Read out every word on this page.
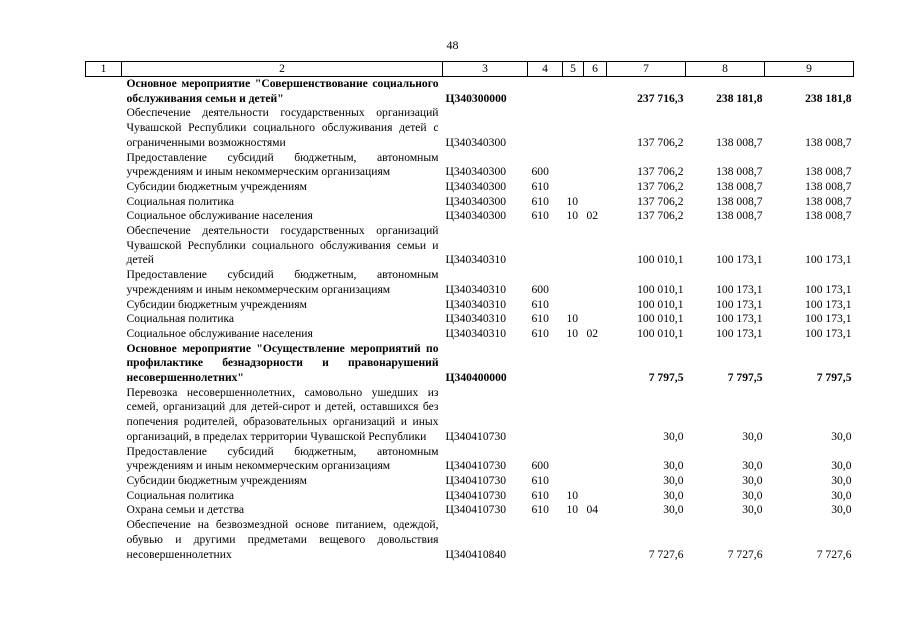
48
1	2	3	4	5	6	7	8	9
	Основное мероприятие "Совершенствование социального обслуживания семьи и детей"	Ц340300000				237 716,3	238 181,8	238 181,8
	Обеспечение деятельности государственных организаций Чувашской Республики социального обслуживания детей с ограниченными возможностями	Ц340340300				137 706,2	138 008,7	138 008,7
	Предоставление субсидий бюджетным, автономным учреждениям и иным некоммерческим организациям	Ц340340300	600			137 706,2	138 008,7	138 008,7
	Субсидии бюджетным учреждениям	Ц340340300	610			137 706,2	138 008,7	138 008,7
	Социальная политика	Ц340340300	610	10		137 706,2	138 008,7	138 008,7
	Социальное обслуживание населения	Ц340340300	610	10	02	137 706,2	138 008,7	138 008,7
	Обеспечение деятельности государственных организаций Чувашской Республики социального обслуживания семьи и детей	Ц340340310				100 010,1	100 173,1	100 173,1
	Предоставление субсидий бюджетным, автономным учреждениям и иным некоммерческим организациям	Ц340340310	600			100 010,1	100 173,1	100 173,1
	Субсидии бюджетным учреждениям	Ц340340310	610			100 010,1	100 173,1	100 173,1
	Социальная политика	Ц340340310	610	10		100 010,1	100 173,1	100 173,1
	Социальное обслуживание населения	Ц340340310	610	10	02	100 010,1	100 173,1	100 173,1
	Основное мероприятие "Осуществление мероприятий по профилактике безнадзорности и правонарушений несовершеннолетних"	Ц340400000				7 797,5	7 797,5	7 797,5
	Перевозка несовершеннолетних, самовольно ушедших из семей, организаций для детей-сирот и детей, оставшихся без попечения родителей, образовательных организаций и иных организаций, в пределах территории Чувашской Республики	Ц340410730				30,0	30,0	30,0
	Предоставление субсидий бюджетным, автономным учреждениям и иным некоммерческим организациям	Ц340410730	600			30,0	30,0	30,0
	Субсидии бюджетным учреждениям	Ц340410730	610			30,0	30,0	30,0
	Социальная политика	Ц340410730	610	10		30,0	30,0	30,0
	Охрана семьи и детства	Ц340410730	610	10	04	30,0	30,0	30,0
	Обеспечение на безвозмездной основе питанием, одеждой, обувью и другими предметами вещевого довольствия несовершеннолетних	Ц340410840				7 727,6	7 727,6	7 727,6
